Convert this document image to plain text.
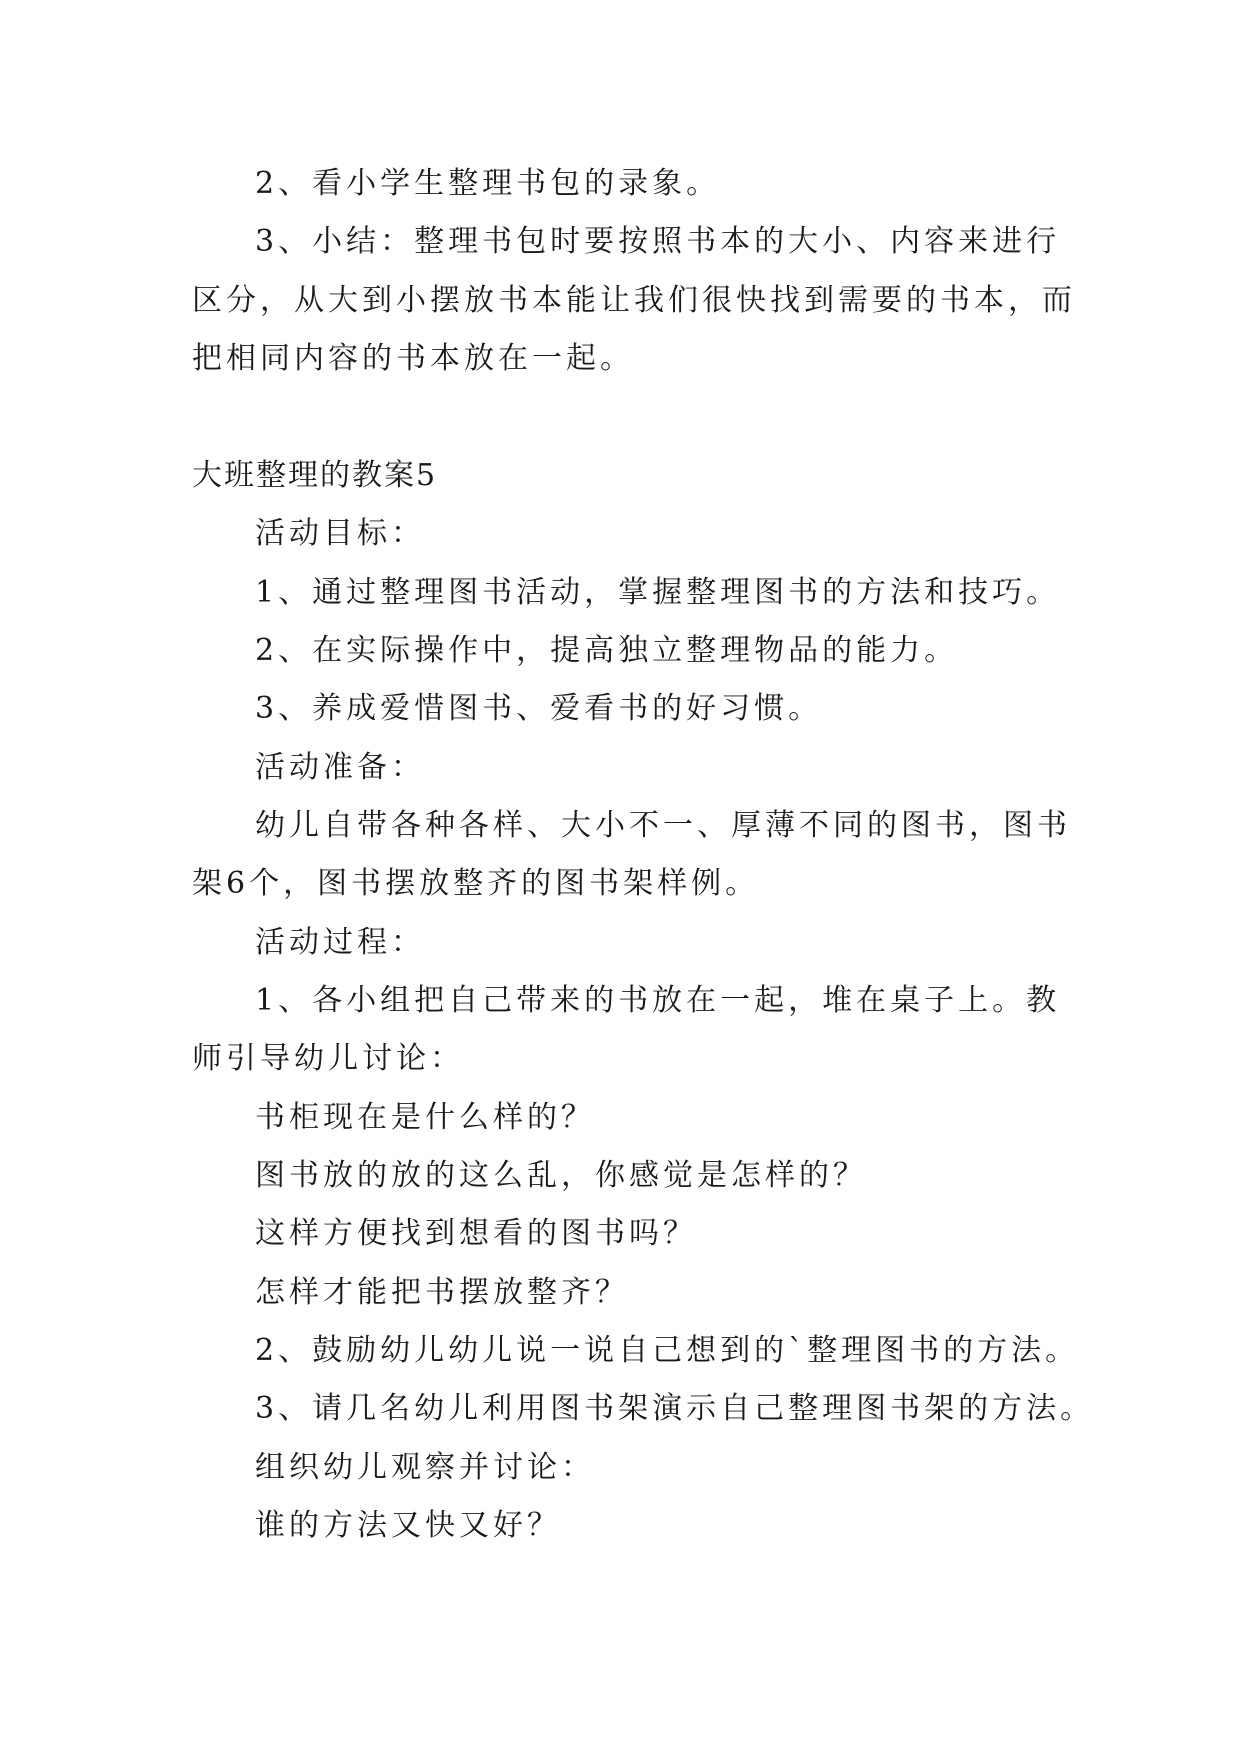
2、看小学生整理书包的录象。
3、小结：整理书包时要按照书本的大小、内容来进行
区分，从大到小摆放书本能让我们很快找到需要的书本，而
把相同内容的书本放在一起。
大班整理的教案5
活动目标：
1、通过整理图书活动，掌握整理图书的方法和技巧。
2、在实际操作中，提高独立整理物品的能力。
3、养成爱惜图书、爱看书的好习惯。
活动准备：
幼儿自带各种各样、大小不一、厚薄不同的图书，图书
架6个，图书摆放整齐的图书架样例。
活动过程：
1、各小组把自己带来的书放在一起，堆在桌子上。教
师引导幼儿讨论：
书柜现在是什么样的？
图书放的放的这么乱，你感觉是怎样的？
这样方便找到想看的图书吗？
怎样才能把书摆放整齐？
2、鼓励幼儿幼儿说一说自己想到的`整理图书的方法。
3、请几名幼儿利用图书架演示自己整理图书架的方法。
组织幼儿观察并讨论：
谁的方法又快又好？
